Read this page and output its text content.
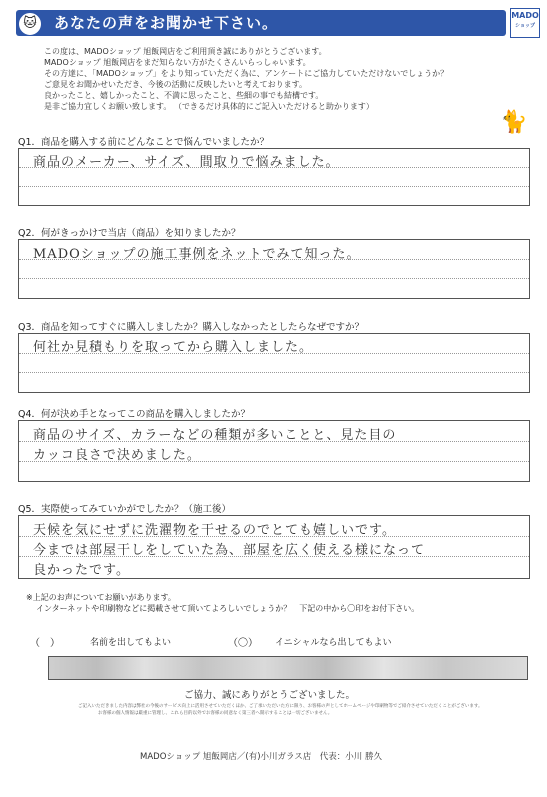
🐱	あなたの声をお聞かせ下さい。	MADO
ショップ
この度は、MADOショップ 旭飯岡店をご利用頂き誠にありがとうございます。
MADOショップ 旭飯岡店をまだ知らない方がたくさんいらっしゃいます。
その方達に、「MADOショップ」をより知っていただく為に、アンケートにご協力していただけないでしょうか？
ご意見をお聞かせいただき、今後の活動に反映したいと考えております。
良かったこと、嬉しかったこと、不満に思ったこと、些細の事でも結構です。
是非ご協力宜しくお願い致します。 （できるだけ具体的にご記入いただけると助かります）
🐈
Q1．商品を購入する前にどんなことで悩んでいましたか？
商品のメーカー、サイズ、間取りで悩みました。
Q2．何がきっかけで当店（商品）を知りましたか？
MADOショップの施工事例をネットでみて知った。
Q3．商品を知ってすぐに購入しましたか？購入しなかったとしたらなぜですか？
何社か見積もりを取ってから購入しました。
Q4．何が決め手となってこの商品を購入しましたか？
商品のサイズ、カラーなどの種類が多いことと、見た目の
カッコ良さで決めました。
Q5．実際使ってみていかがでしたか？（施工後）
天候を気にせずに洗濯物を干せるのでとても嬉しいです。
今までは部屋干しをしていた為、部屋を広く使える様になって
良かったです。
※上記のお声についてお願いがあります。
インターネットや印刷物などに掲載させて頂いてよろしいでしょうか？　下記の中から〇印をお付下さい。
（　）	名前を出してもよい	（〇） イニシャルなら出してもよい
ご協力、誠にありがとうございました。
ご記入いただきました内容は弊社の今後のサービス向上に活用させていただくほか、ご了承いただいた方に限り、お客様の声としてホームページや印刷物等でご紹介させていただくことがございます。
お客様の個人情報は厳重に管理し、これら目的以外でお客様の同意なく第三者へ開示することは一切ございません。
MADOショップ 旭飯岡店／(有)小川ガラス店　代表：小川 勝久
